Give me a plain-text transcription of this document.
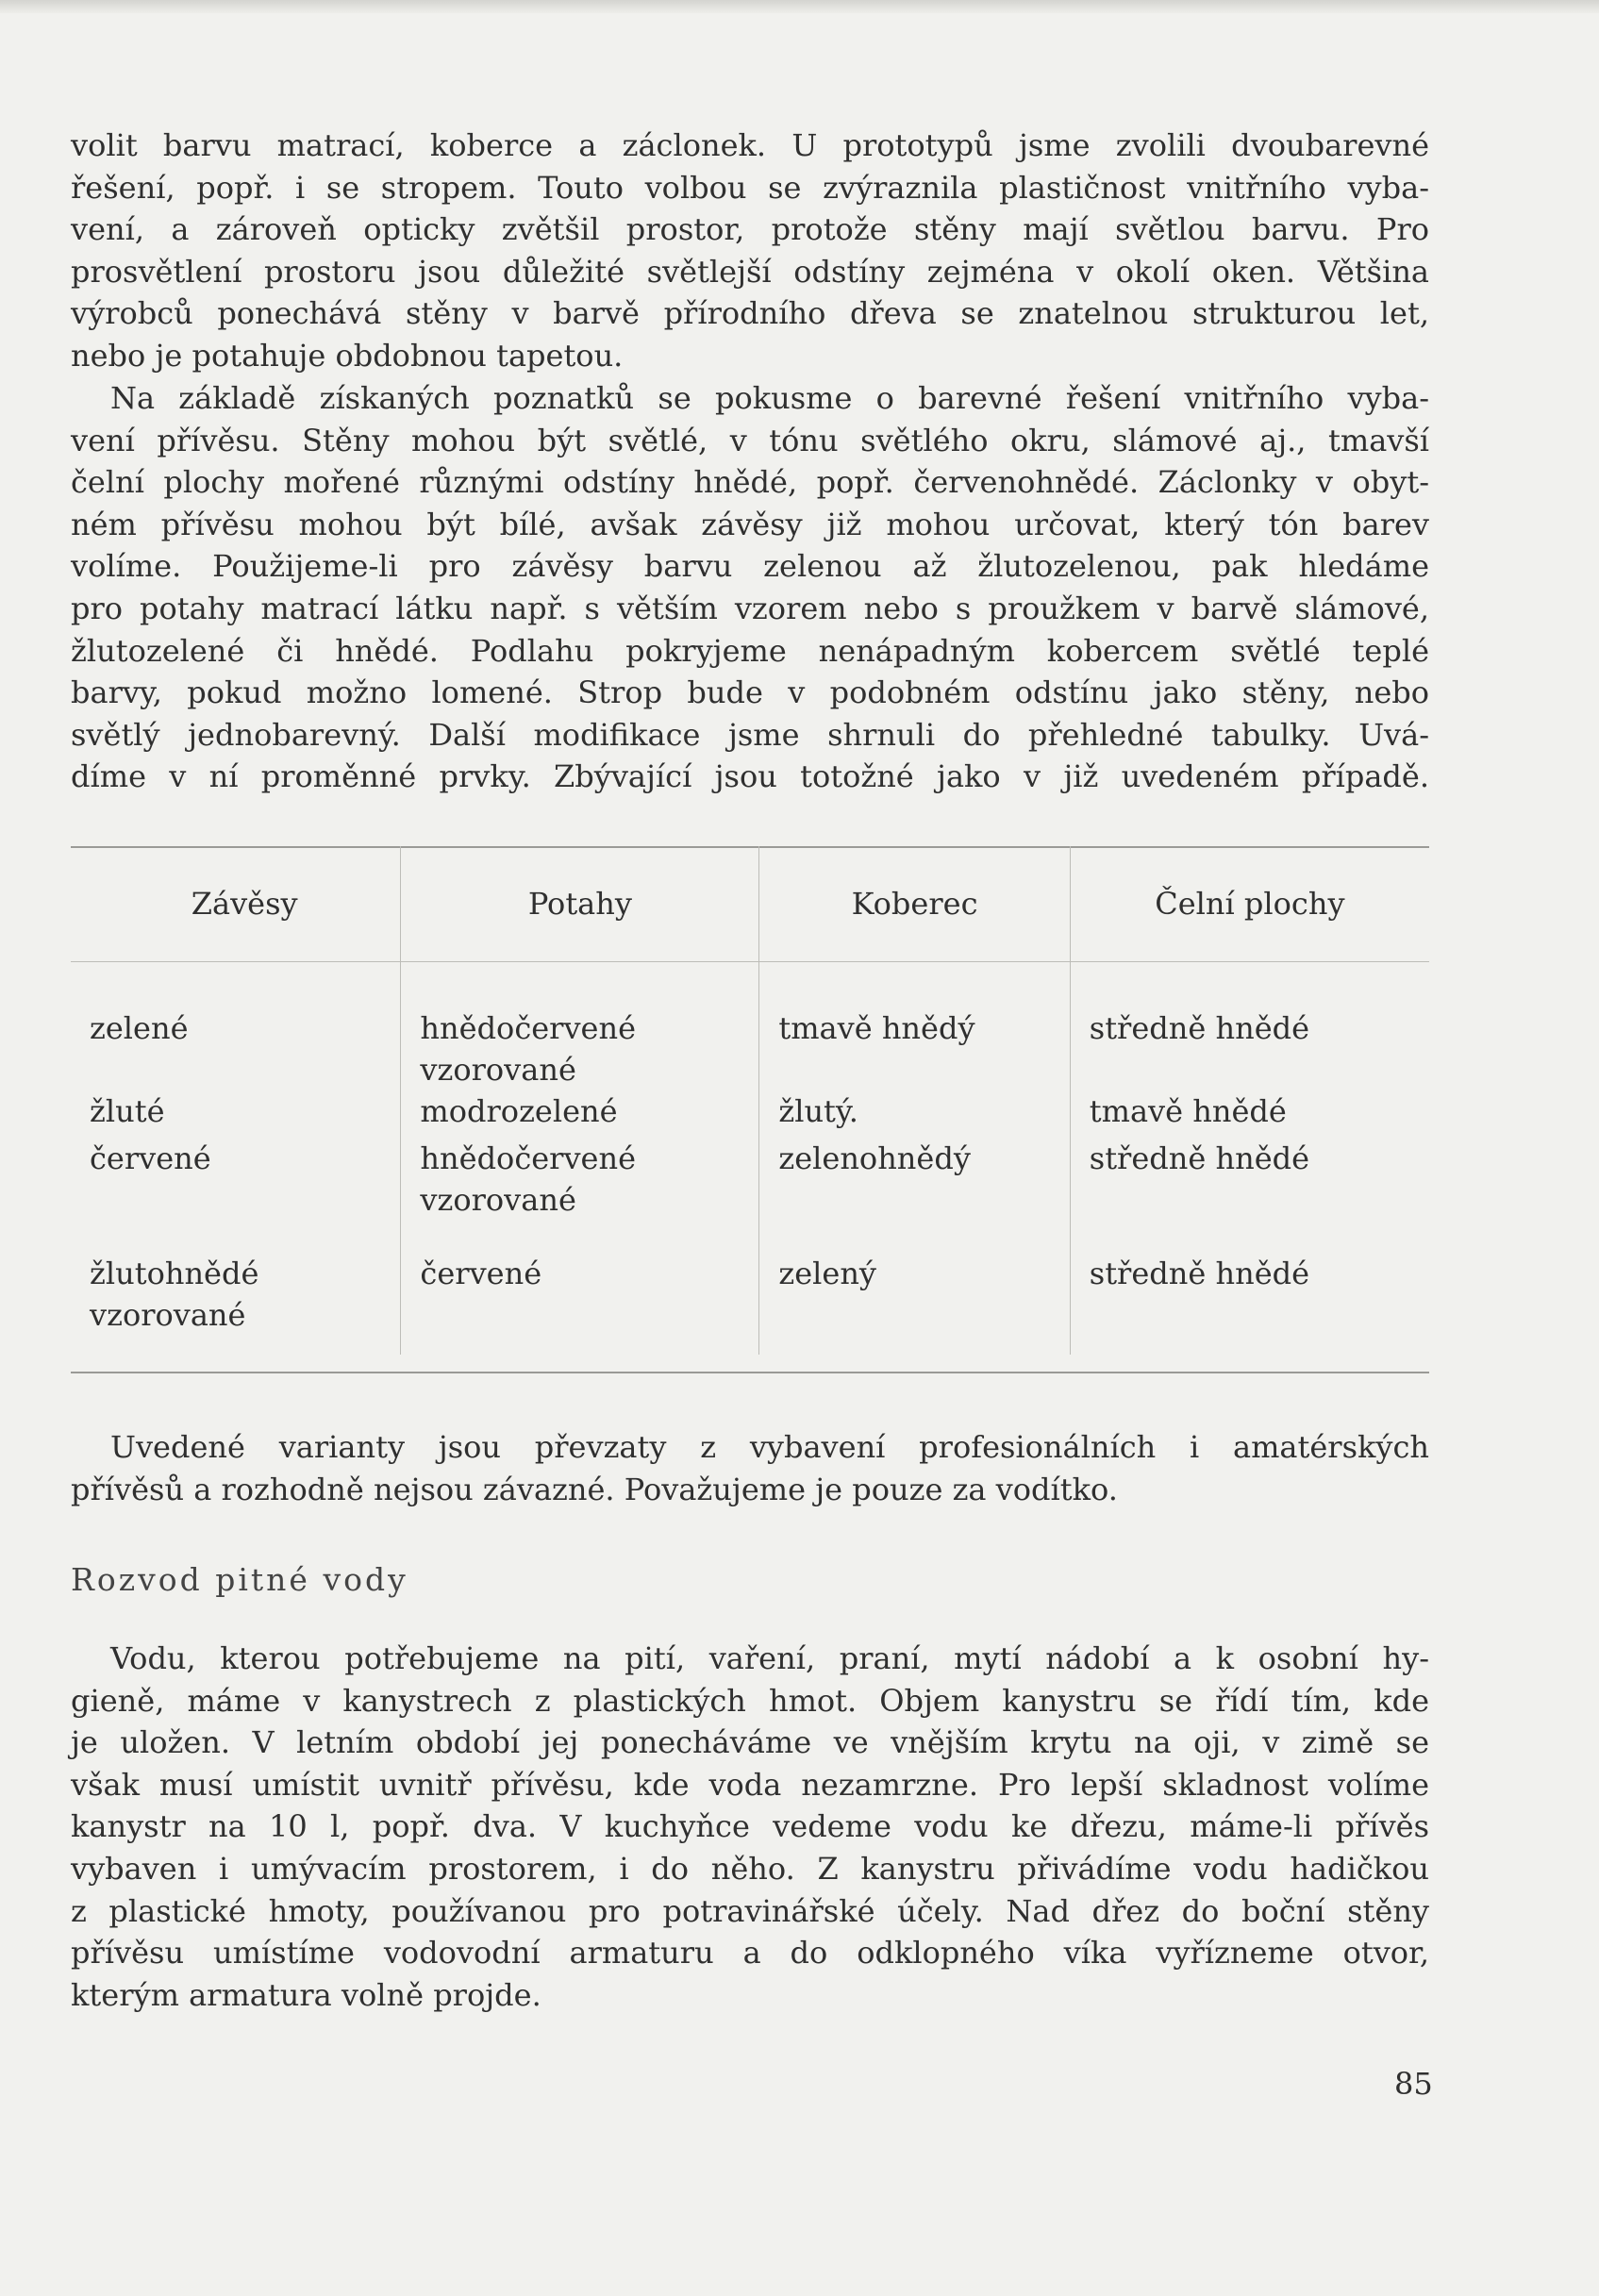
volit barvu matrací, koberce a záclonek. U prototypů jsme zvolili dvoubarevné
řešení, popř. i se stropem. Touto volbou se zvýraznila plastičnost vnitřního vyba-
vení, a zároveň opticky zvětšil prostor, protože stěny mají světlou barvu. Pro
prosvětlení prostoru jsou důležité světlejší odstíny zejména v okolí oken. Většina
výrobců ponechává stěny v barvě přírodního dřeva se znatelnou strukturou let,
nebo je potahuje obdobnou tapetou.
Na základě získaných poznatků se pokusme o barevné řešení vnitřního vyba-
vení přívěsu. Stěny mohou být světlé, v tónu světlého okru, slámové aj., tmavší
čelní plochy mořené různými odstíny hnědé, popř. červenohnědé. Záclonky v obyt-
ném přívěsu mohou být bílé, avšak závěsy již mohou určovat, který tón barev
volíme. Použijeme-li pro závěsy barvu zelenou až žlutozelenou, pak hledáme
pro potahy matrací látku např. s větším vzorem nebo s proužkem v barvě slámové,
žlutozelené či hnědé. Podlahu pokryjeme nenápadným kobercem světlé teplé
barvy, pokud možno lomené. Strop bude v podobném odstínu jako stěny, nebo
světlý jednobarevný. Další modifikace jsme shrnuli do přehledné tabulky. Uvá-
díme v ní proměnné prvky. Zbývající jsou totožné jako v již uvedeném případě.
Závěsy	Potahy	Koberec	Čelní plochy
zelené	hnědočervené vzorované	tmavě hnědý	středně hnědé
žluté	modrozelené	žlutý.	tmavě hnědé
červené	hnědočervené vzorované	zelenohnědý	středně hnědé
žlutohnědé vzorované	červené	zelený	středně hnědé
Uvedené varianty jsou převzaty z vybavení profesionálních i amatérských
přívěsů a rozhodně nejsou závazné. Považujeme je pouze za vodítko.
Rozvod pitné vody
Vodu, kterou potřebujeme na pití, vaření, praní, mytí nádobí a k osobní hy-
gieně, máme v kanystrech z plastických hmot. Objem kanystru se řídí tím, kde
je uložen. V letním období jej ponecháváme ve vnějším krytu na oji, v zimě se
však musí umístit uvnitř přívěsu, kde voda nezamrzne. Pro lepší skladnost volíme
kanystr na 10 l, popř. dva. V kuchyňce vedeme vodu ke dřezu, máme-li přívěs
vybaven i umývacím prostorem, i do něho. Z kanystru přivádíme vodu hadičkou
z plastické hmoty, používanou pro potravinářské účely. Nad dřez do boční stěny
přívěsu umístíme vodovodní armaturu a do odklopného víka vyřízneme otvor,
kterým armatura volně projde.
85
